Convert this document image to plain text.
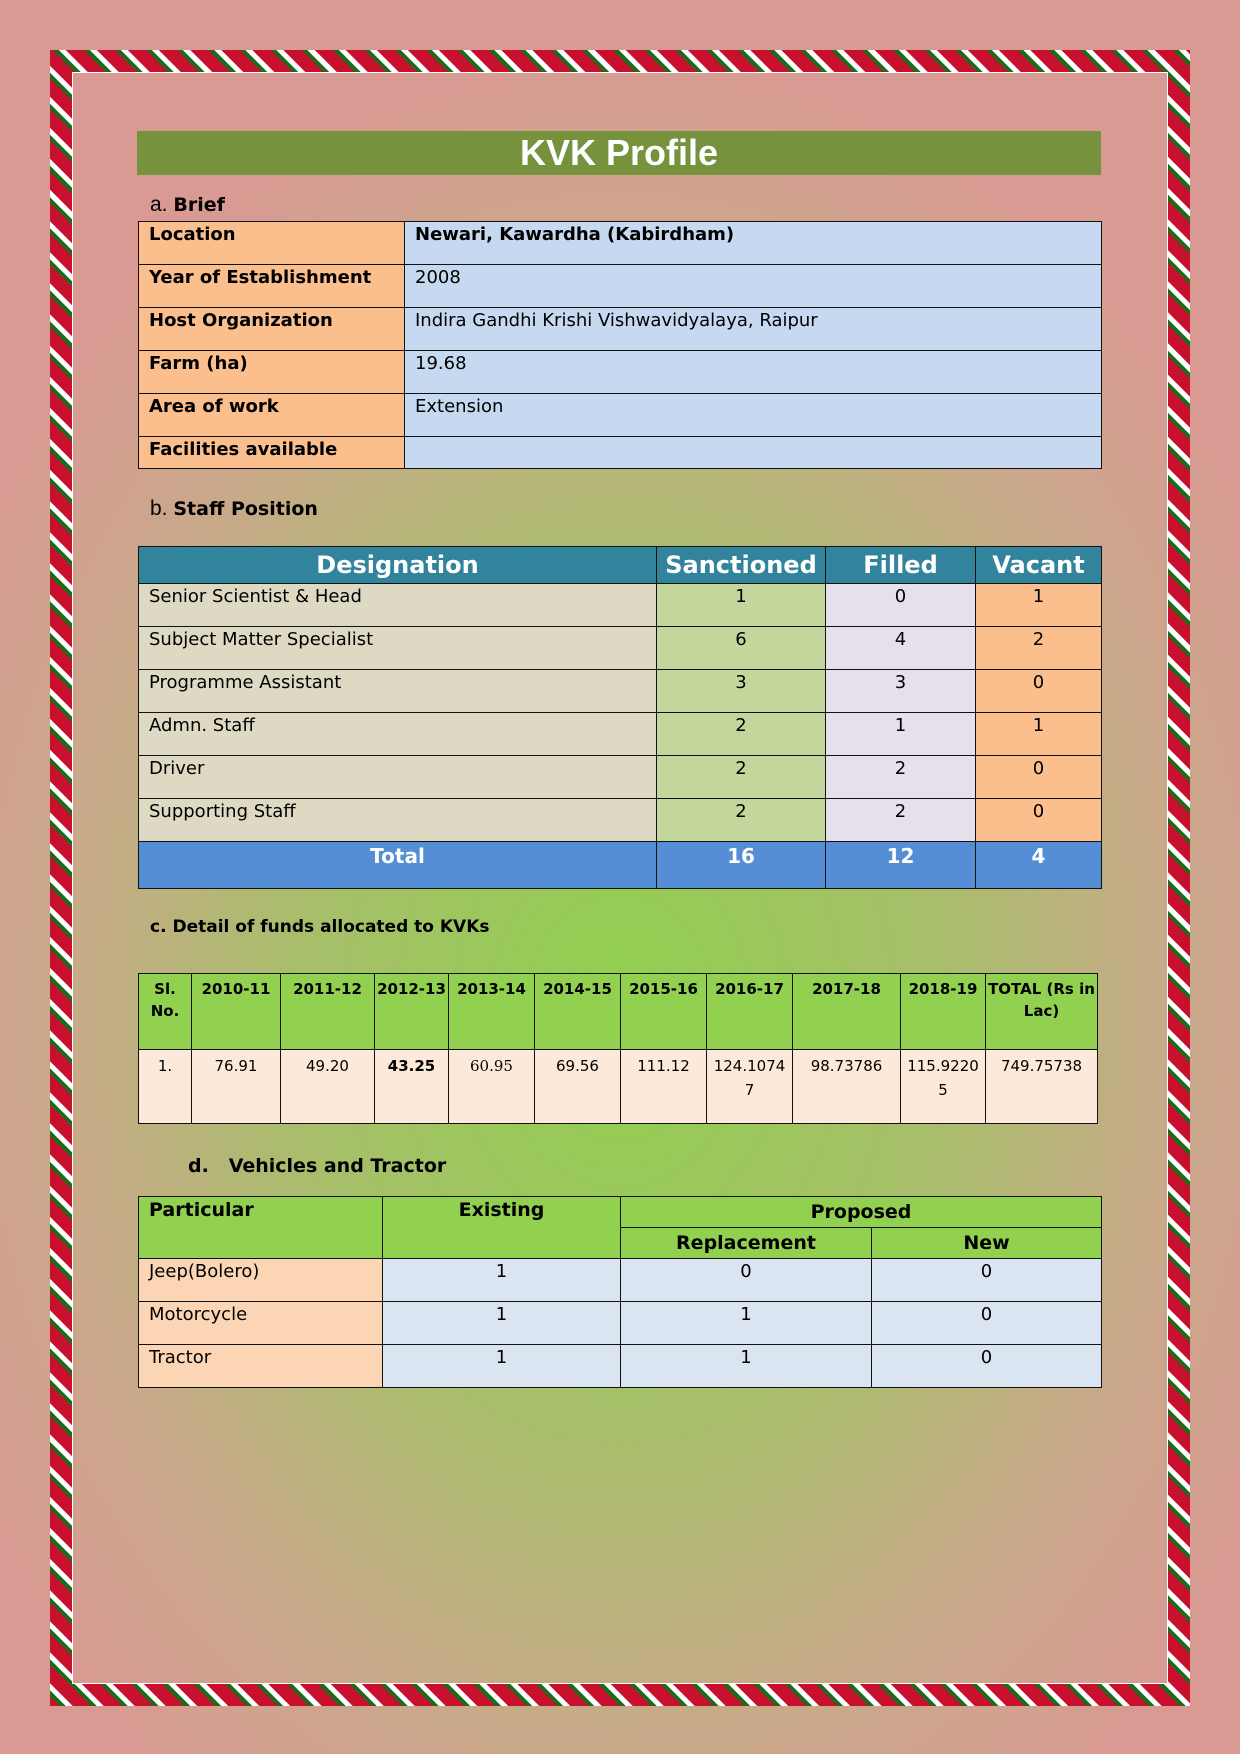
KVK Profile
a. Brief
Location	Newari, Kawardha (Kabirdham)
Year of Establishment	2008
Host Organization	Indira Gandhi Krishi Vishwavidyalaya, Raipur
Farm (ha)	19.68
Area of work	Extension
Facilities available	
b. Staff Position
Designation	Sanctioned	Filled	Vacant
Senior Scientist & Head	1	0	1
Subject Matter Specialist	6	4	2
Programme Assistant	3	3	0
Admn. Staff	2	1	1
Driver	2	2	0
Supporting Staff	2	2	0
Total	16	12	4
c. Detail of funds allocated to KVKs
Sl. No.	2010-11	2011-12	2012-13	2013-14	2014-15	2015-16	2016-17	2017-18	2018-19	TOTAL (Rs in Lac)
1.	76.91	49.20	43.25	60.95	69.56	111.12	124.10747	98.73786	115.92205	749.75738
d. Vehicles and Tractor
Particular	Existing	Proposed	
		Replacement	New
Jeep(Bolero)	1	0	0
Motorcycle	1	1	0
Tractor	1	1	0
